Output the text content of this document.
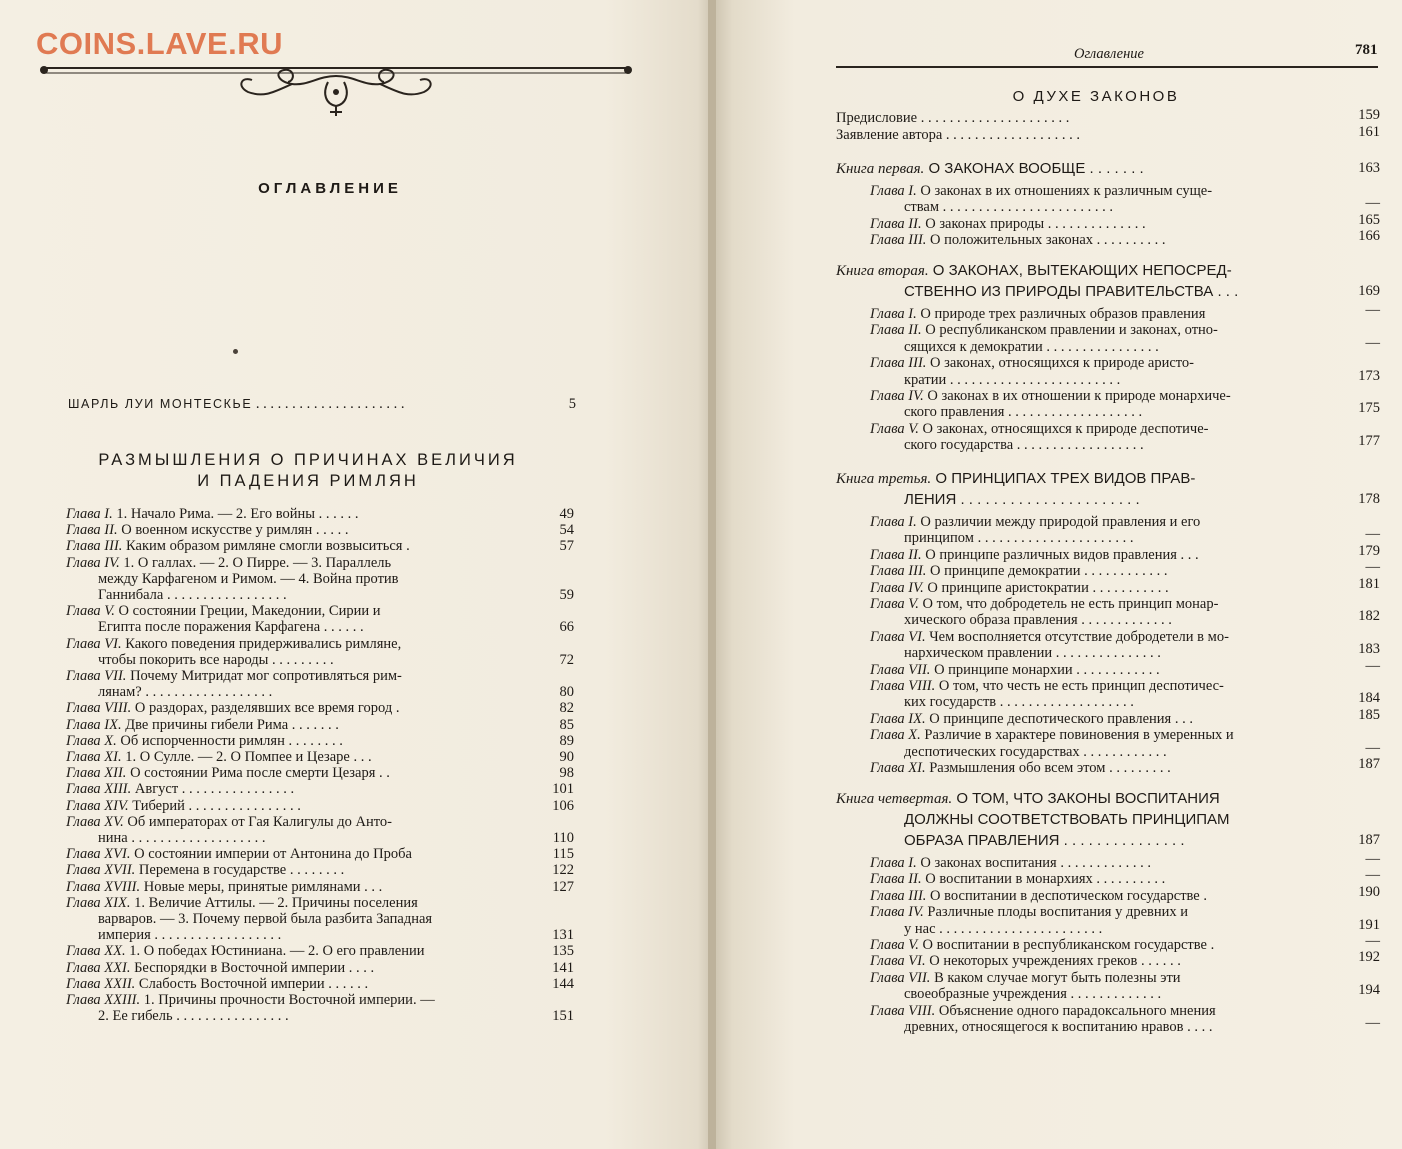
COINS.LAVE.RU
ОГЛАВЛЕНИЕ
ШАРЛЬ ЛУИ МОНТЕСКЬЕ . . . . . . . . . . . . . . . . . . . . .	5
РАЗМЫШЛЕНИЯ О ПРИЧИНАХ ВЕЛИЧИЯ
И ПАДЕНИЯ РИМЛЯН
Глава I. 1. Начало Рима. — 2. Его войны . . . . . .	49
Глава II. О военном искусстве у римлян . . . . .	54
Глава III. Каким образом римляне смогли возвыситься .	57
Глава IV. 1. О галлах. — 2. О Пирре. — 3. Параллель
между Карфагеном и Римом. — 4. Война против
Ганнибала . . . . . . . . . . . . . . . . .	59
Глава V. О состоянии Греции, Македонии, Сирии и
Египта после поражения Карфагена . . . . . .	66
Глава VI. Какого поведения придерживались римляне,
чтобы покорить все народы . . . . . . . . .	72
Глава VII. Почему Митридат мог сопротивляться рим-
лянам? . . . . . . . . . . . . . . . . . .	80
Глава VIII. О раздорах, разделявших все время город .	82
Глава IX. Две причины гибели Рима . . . . . . .	85
Глава X. Об испорченности римлян . . . . . . . .	89
Глава XI. 1. О Сулле. — 2. О Помпее и Цезаре . . .	90
Глава XII. О состоянии Рима после смерти Цезаря . .	98
Глава XIII. Август . . . . . . . . . . . . . . . .	101
Глава XIV. Тиберий . . . . . . . . . . . . . . . .	106
Глава XV. Об императорах от Гая Калигулы до Анто-
нина . . . . . . . . . . . . . . . . . . .	110
Глава XVI. О состоянии империи от Антонина до Проба	115
Глава XVII. Перемена в государстве . . . . . . . .	122
Глава XVIII. Новые меры, принятые римлянами . . .	127
Глава XIX. 1. Величие Аттилы. — 2. Причины поселения
варваров. — 3. Почему первой была разбита Западная
империя . . . . . . . . . . . . . . . . . .	131
Глава XX. 1. О победах Юстиниана. — 2. О его правлении	135
Глава XXI. Беспорядки в Восточной империи . . . .	141
Глава XXII. Слабость Восточной империи . . . . . .	144
Глава XXIII. 1. Причины прочности Восточной империи. —
2. Ее гибель . . . . . . . . . . . . . . . .	151
Оглавление	781
О ДУХЕ ЗАКОНОВ
Предисловие . . . . . . . . . . . . . . . . . . . . .	159
Заявление автора . . . . . . . . . . . . . . . . . . .	161
Книга первая. О ЗАКОНАХ ВООБЩЕ . . . . . . .	163
Глава I. О законах в их отношениях к различным суще-
ствам . . . . . . . . . . . . . . . . . . . . . . . .	—
Глава II. О законах природы . . . . . . . . . . . . . .	165
Глава III. О положительных законах . . . . . . . . . .	166
Книга вторая. О ЗАКОНАХ, ВЫТЕКАЮЩИХ НЕПОСРЕД-
СТВЕННО ИЗ ПРИРОДЫ ПРАВИТЕЛЬСТВА . . .	169
Глава I. О природе трех различных образов правления	—
Глава II. О республиканском правлении и законах, отно-
сящихся к демократии . . . . . . . . . . . . . . . .	—
Глава III. О законах, относящихся к природе аристо-
кратии . . . . . . . . . . . . . . . . . . . . . . . .	173
Глава IV. О законах в их отношении к природе монархиче-
ского правления . . . . . . . . . . . . . . . . . . .	175
Глава V. О законах, относящихся к природе деспотиче-
ского государства . . . . . . . . . . . . . . . . . .	177
Книга третья. О ПРИНЦИПАХ ТРЕХ ВИДОВ ПРАВ-
ЛЕНИЯ . . . . . . . . . . . . . . . . . . . . . .	178
Глава I. О различии между природой правления и его
принципом . . . . . . . . . . . . . . . . . . . . . .	—
Глава II. О принципе различных видов правления . . .	179
Глава III. О принципе демократии . . . . . . . . . . . .	—
Глава IV. О принципе аристократии . . . . . . . . . . .	181
Глава V. О том, что добродетель не есть принцип монар-
хического образа правления . . . . . . . . . . . . .	182
Глава VI. Чем восполняется отсутствие добродетели в мо-
нархическом правлении . . . . . . . . . . . . . . .	183
Глава VII. О принципе монархии . . . . . . . . . . . .	—
Глава VIII. О том, что честь не есть принцип деспотичес-
ких государств . . . . . . . . . . . . . . . . . . .	184
Глава IX. О принципе деспотического правления . . .	185
Глава X. Различие в характере повиновения в умеренных и
деспотических государствах . . . . . . . . . . . .	—
Глава XI. Размышления обо всем этом . . . . . . . . .	187
Книга четвертая. О ТОМ, ЧТО ЗАКОНЫ ВОСПИТАНИЯ
ДОЛЖНЫ СООТВЕТСТВОВАТЬ ПРИНЦИПАМ
ОБРАЗА ПРАВЛЕНИЯ . . . . . . . . . . . . . . .	187
Глава I. О законах воспитания . . . . . . . . . . . . .	—
Глава II. О воспитании в монархиях . . . . . . . . . .	—
Глава III. О воспитании в деспотическом государстве .	190
Глава IV. Различные плоды воспитания у древних и
у нас . . . . . . . . . . . . . . . . . . . . . . .	191
Глава V. О воспитании в республиканском государстве .	—
Глава VI. О некоторых учреждениях греков . . . . . .	192
Глава VII. В каком случае могут быть полезны эти
своеобразные учреждения . . . . . . . . . . . . .	194
Глава VIII. Объяснение одного парадоксального мнения
древних, относящегося к воспитанию нравов . . . .	—
